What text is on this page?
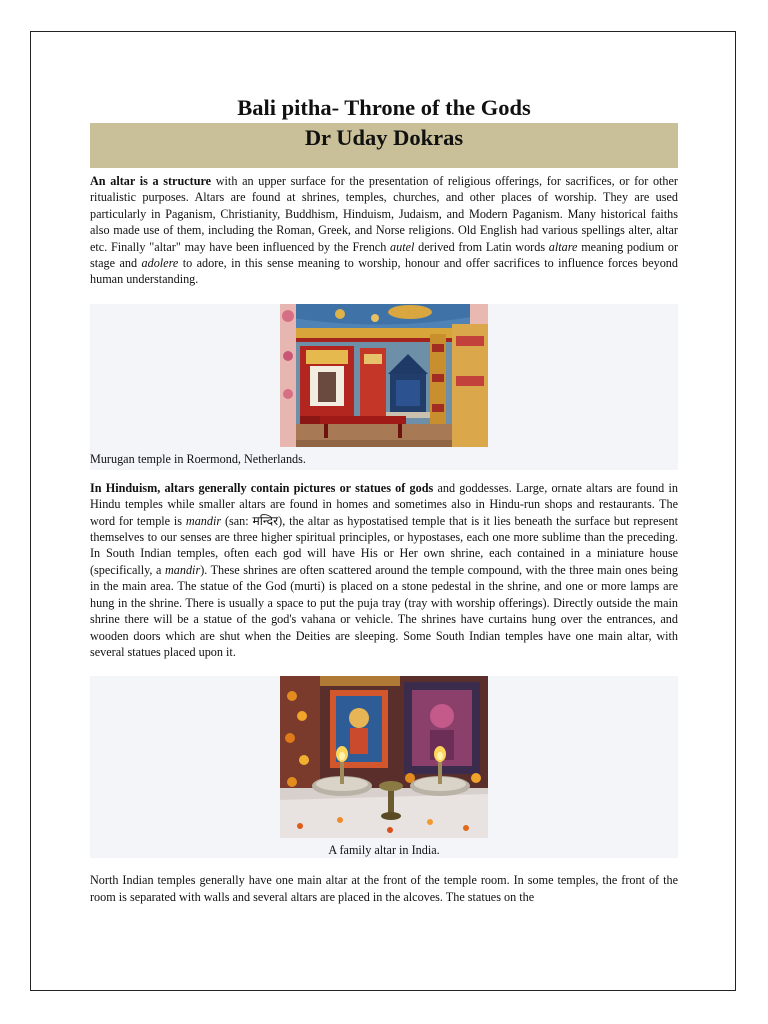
Bali pitha- Throne of the Gods
Dr Uday Dokras

An altar is a structure with an upper surface for the presentation of religious offerings, for sacrifices, or for other ritualistic purposes. Altars are found at shrines, temples, churches, and other places of worship. They are used particularly in Paganism, Christianity, Buddhism, Hinduism, Judaism, and Modern Paganism. Many historical faiths also made use of them, including the Roman, Greek, and Norse religions. Old English had various spellings alter, altar etc. Finally "altar" may have been influenced by the French autel derived from Latin words altare meaning podium or stage and adolere to adore, in this sense meaning to worship, honour and offer sacrifices to influence forces beyond human understanding.

Murugan temple in Roermond, Netherlands.

In Hinduism, altars generally contain pictures or statues of gods and goddesses. Large, ornate altars are found in Hindu temples while smaller altars are found in homes and sometimes also in Hindu-run shops and restaurants. The word for temple is mandir (san: मन्दिर), the altar as hypostatised temple that is it lies beneath the surface but represent themselves to our senses are three higher spiritual principles, or hypostases, each one more sublime than the preceding. In South Indian temples, often each god will have His or Her own shrine, each contained in a miniature house (specifically, a mandir). These shrines are often scattered around the temple compound, with the three main ones being in the main area. The statue of the God (murti) is placed on a stone pedestal in the shrine, and one or more lamps are hung in the shrine. There is usually a space to put the puja tray (tray with worship offerings). Directly outside the main shrine there will be a statue of the god's vahana or vehicle. The shrines have curtains hung over the entrances, and wooden doors which are shut when the Deities are sleeping. Some South Indian temples have one main altar, with several statues placed upon it.

A family altar in India.

North Indian temples generally have one main altar at the front of the temple room. In some temples, the front of the room is separated with walls and several altars are placed in the alcoves. The statues on the
